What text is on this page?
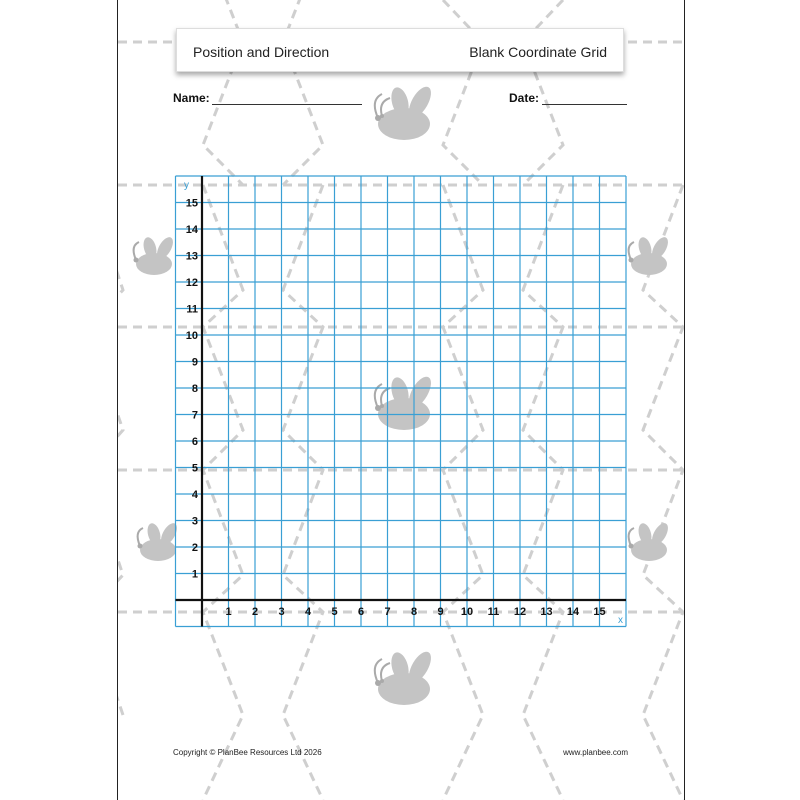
Position and Direction	Blank Coordinate Grid
Name:	Date:
1 2 3 4 5 6 7 8 9 10 11 12 13 14 15
1
2
3
4
5
6
7
8
9
10
11
12
13
14
15
x
y
Copyright © PlanBee Resources Ltd 2026	www.planbee.com
